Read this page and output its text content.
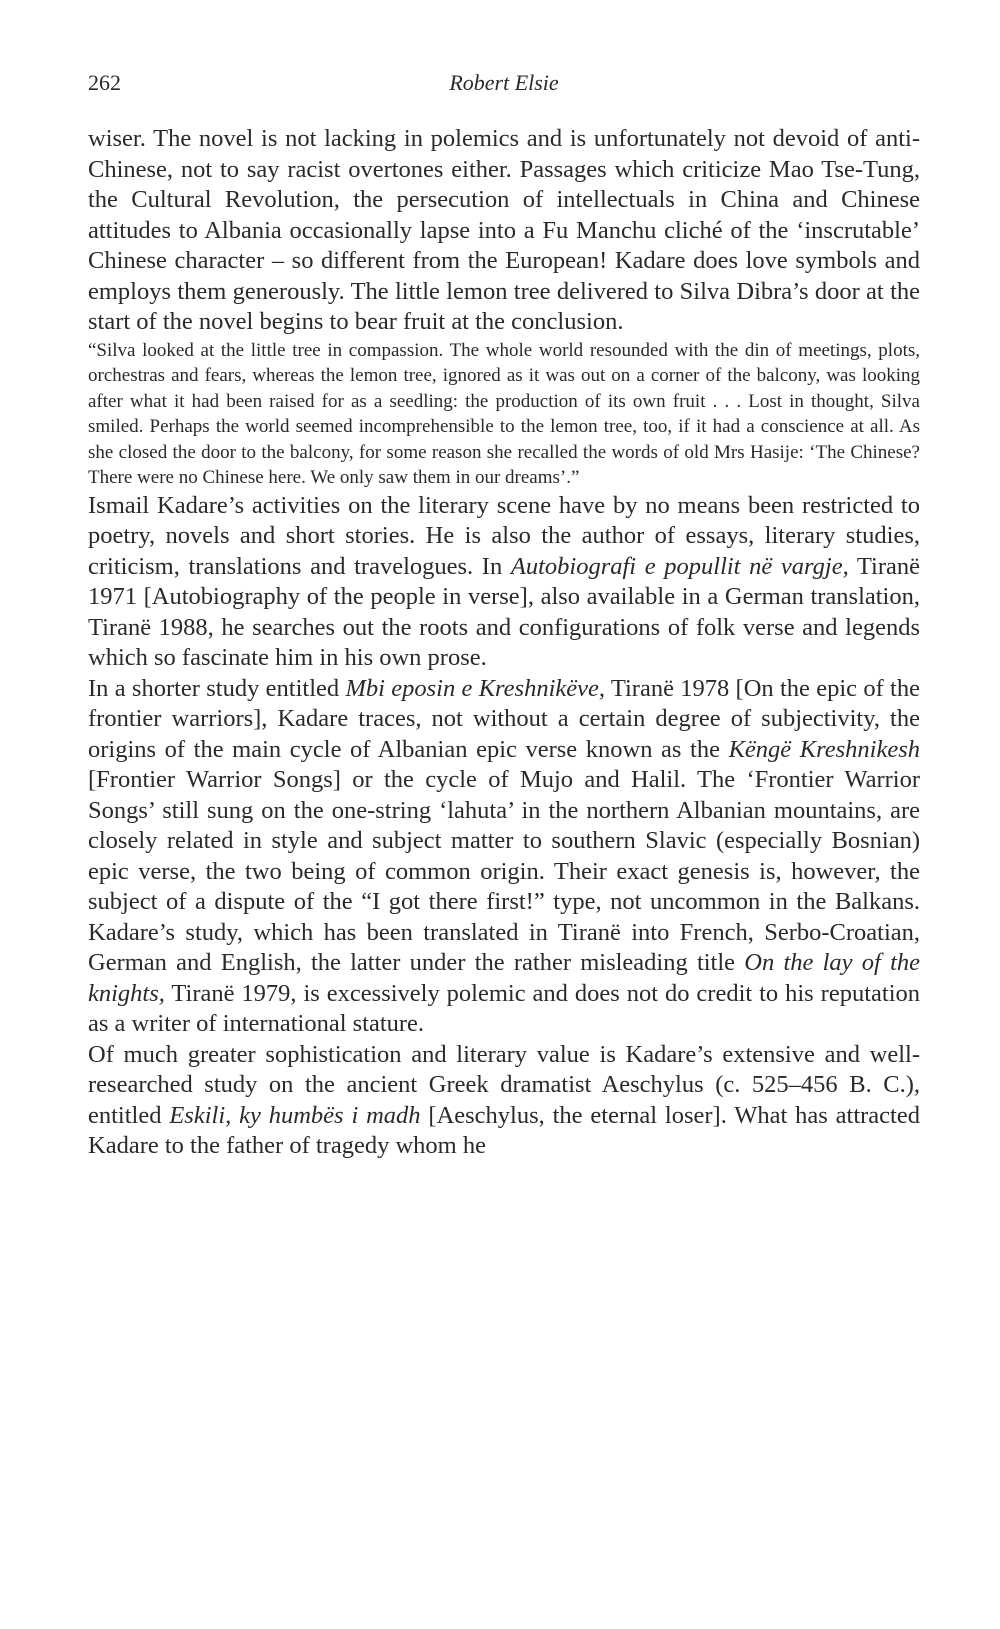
262	Robert Elsie

wiser. The novel is not lacking in polemics and is unfortunately not devoid of anti-Chinese, not to say racist overtones either. Passages which criticize Mao Tse-Tung, the Cultural Revolution, the persecution of intellectuals in China and Chinese attitudes to Albania occasionally lapse into a Fu Manchu cliché of the ‘inscrutable’ Chinese character – so different from the European! Kadare does love symbols and employs them generously. The little lemon tree delivered to Silva Dibra’s door at the start of the novel begins to bear fruit at the conclusion.

“Silva looked at the little tree in compassion. The whole world resounded with the din of meetings, plots, orchestras and fears, whereas the lemon tree, ignored as it was out on a corner of the balcony, was looking after what it had been raised for as a seedling: the production of its own fruit . . . Lost in thought, Silva smiled. Perhaps the world seemed incomprehensible to the lemon tree, too, if it had a conscience at all. As she closed the door to the balcony, for some reason she recalled the words of old Mrs Hasije: ‘The Chinese? There were no Chinese here. We only saw them in our dreams’.”

Ismail Kadare’s activities on the literary scene have by no means been restricted to poetry, novels and short stories. He is also the author of essays, literary studies, criticism, translations and travelogues. In Autobiografi e popullit në vargje, Tiranë 1971 [Autobiography of the people in verse], also available in a German translation, Tiranë 1988, he searches out the roots and configurations of folk verse and legends which so fascinate him in his own prose.

In a shorter study entitled Mbi eposin e Kreshnikëve, Tiranë 1978 [On the epic of the frontier warriors], Kadare traces, not without a certain degree of subjectivity, the origins of the main cycle of Albanian epic verse known as the Këngë Kreshnikesh [Frontier Warrior Songs] or the cycle of Mujo and Halil. The ‘Frontier Warrior Songs’ still sung on the one-string ‘lahuta’ in the northern Albanian mountains, are closely related in style and subject matter to southern Slavic (especially Bosnian) epic verse, the two being of common origin. Their exact genesis is, however, the subject of a dispute of the “I got there first!” type, not uncommon in the Balkans. Kadare’s study, which has been translated in Tiranë into French, Serbo-Croatian, German and English, the latter under the rather misleading title On the lay of the knights, Tiranë 1979, is excessively polemic and does not do credit to his reputation as a writer of international stature.

Of much greater sophistication and literary value is Kadare’s extensive and well-researched study on the ancient Greek dramatist Aeschylus (c. 525–456 B. C.), entitled Eskili, ky humbës i madh [Aeschylus, the eternal loser]. What has attracted Kadare to the father of tragedy whom he
